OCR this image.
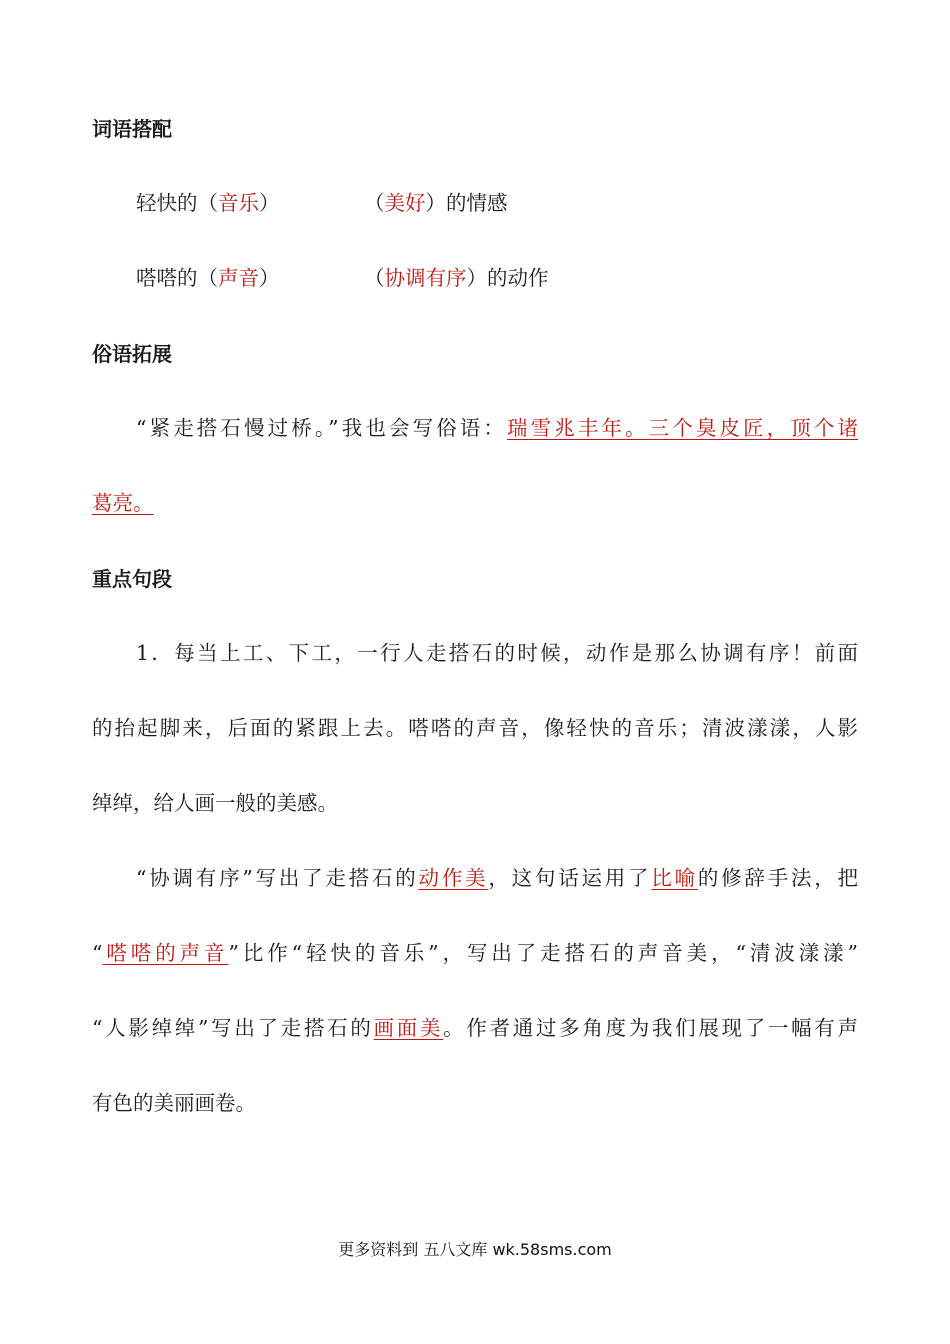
词语搭配
轻快的（音乐）	（美好）的情感
嗒嗒的（声音）	（协调有序）的动作
俗语拓展
“紧走搭石慢过桥。”我也会写俗语：瑞雪兆丰年。三个臭皮匠，顶个诸
葛亮。
重点句段
1．每当上工、下工，一行人走搭石的时候，动作是那么协调有序！前面
的抬起脚来，后面的紧跟上去。嗒嗒的声音，像轻快的音乐；清波漾漾，人影
绰绰，给人画一般的美感。
“协调有序”写出了走搭石的动作美，这句话运用了比喻的修辞手法，把
“嗒嗒的声音”比作“轻快的音乐”，写出了走搭石的声音美，“清波漾漾”
“人影绰绰”写出了走搭石的画面美。作者通过多角度为我们展现了一幅有声
有色的美丽画卷。
更多资料到 五八文库 wk.58sms.com
